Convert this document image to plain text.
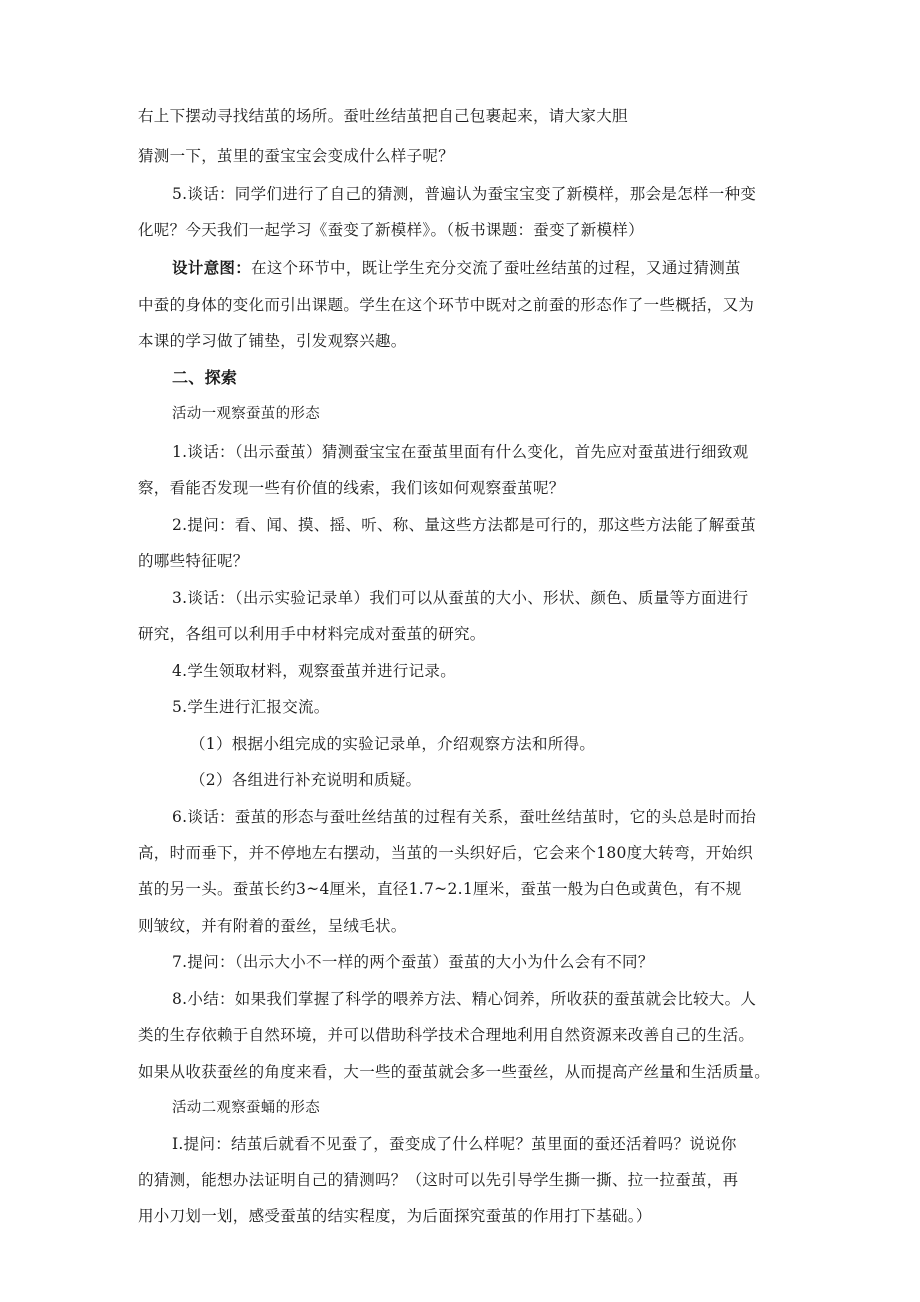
右上下摆动寻找结茧的场所。蚕吐丝结茧把自己包裹起来，请大家大胆

猜测一下，茧里的蚕宝宝会变成什么样子呢？

5.谈话：同学们进行了自己的猜测，普遍认为蚕宝宝变了新模样，那会是怎样一种变

化呢？今天我们一起学习《蚕变了新模样》。（板书课题：蚕变了新模样）

设计意图：在这个环节中，既让学生充分交流了蚕吐丝结茧的过程，又通过猜测茧

中蚕的身体的变化而引出课题。学生在这个环节中既对之前蚕的形态作了一些概括，又为

本课的学习做了铺垫，引发观察兴趣。

二、探索

活动一观察蚕茧的形态

1.谈话：（出示蚕茧）猜测蚕宝宝在蚕茧里面有什么变化，首先应对蚕茧进行细致观

察，看能否发现一些有价值的线索，我们该如何观察蚕茧呢？

2.提问：看、闻、摸、摇、听、称、量这些方法都是可行的，那这些方法能了解蚕茧

的哪些特征呢？

3.谈话：（出示实验记录单）我们可以从蚕茧的大小、形状、颜色、质量等方面进行

研究，各组可以利用手中材料完成对蚕茧的研究。

4.学生领取材料，观察蚕茧并进行记录。

5.学生进行汇报交流。

（1）根据小组完成的实验记录单，介绍观察方法和所得。

（2）各组进行补充说明和质疑。

6.谈话：蚕茧的形态与蚕吐丝结茧的过程有关系，蚕吐丝结茧时，它的头总是时而抬

高，时而垂下，并不停地左右摆动，当茧的一头织好后，它会来个180度大转弯，开始织

茧的另一头。蚕茧长约3~4厘米，直径1.7~2.1厘米，蚕茧一般为白色或黄色，有不规

则皱纹，并有附着的蚕丝，呈绒毛状。

7.提问：（出示大小不一样的两个蚕茧）蚕茧的大小为什么会有不同？

8.小结：如果我们掌握了科学的喂养方法、精心饲养，所收获的蚕茧就会比较大。人

类的生存依赖于自然环境，并可以借助科学技术合理地利用自然资源来改善自己的生活。

如果从收获蚕丝的角度来看，大一些的蚕茧就会多一些蚕丝，从而提高产丝量和生活质量。

活动二观察蚕蛹的形态

I.提问：结茧后就看不见蚕了，蚕变成了什么样呢？茧里面的蚕还活着吗？说说你

的猜测，能想办法证明自己的猜测吗？（这时可以先引导学生撕一撕、拉一拉蚕茧，再

用小刀划一划，感受蚕茧的结实程度，为后面探究蚕茧的作用打下基础。）
